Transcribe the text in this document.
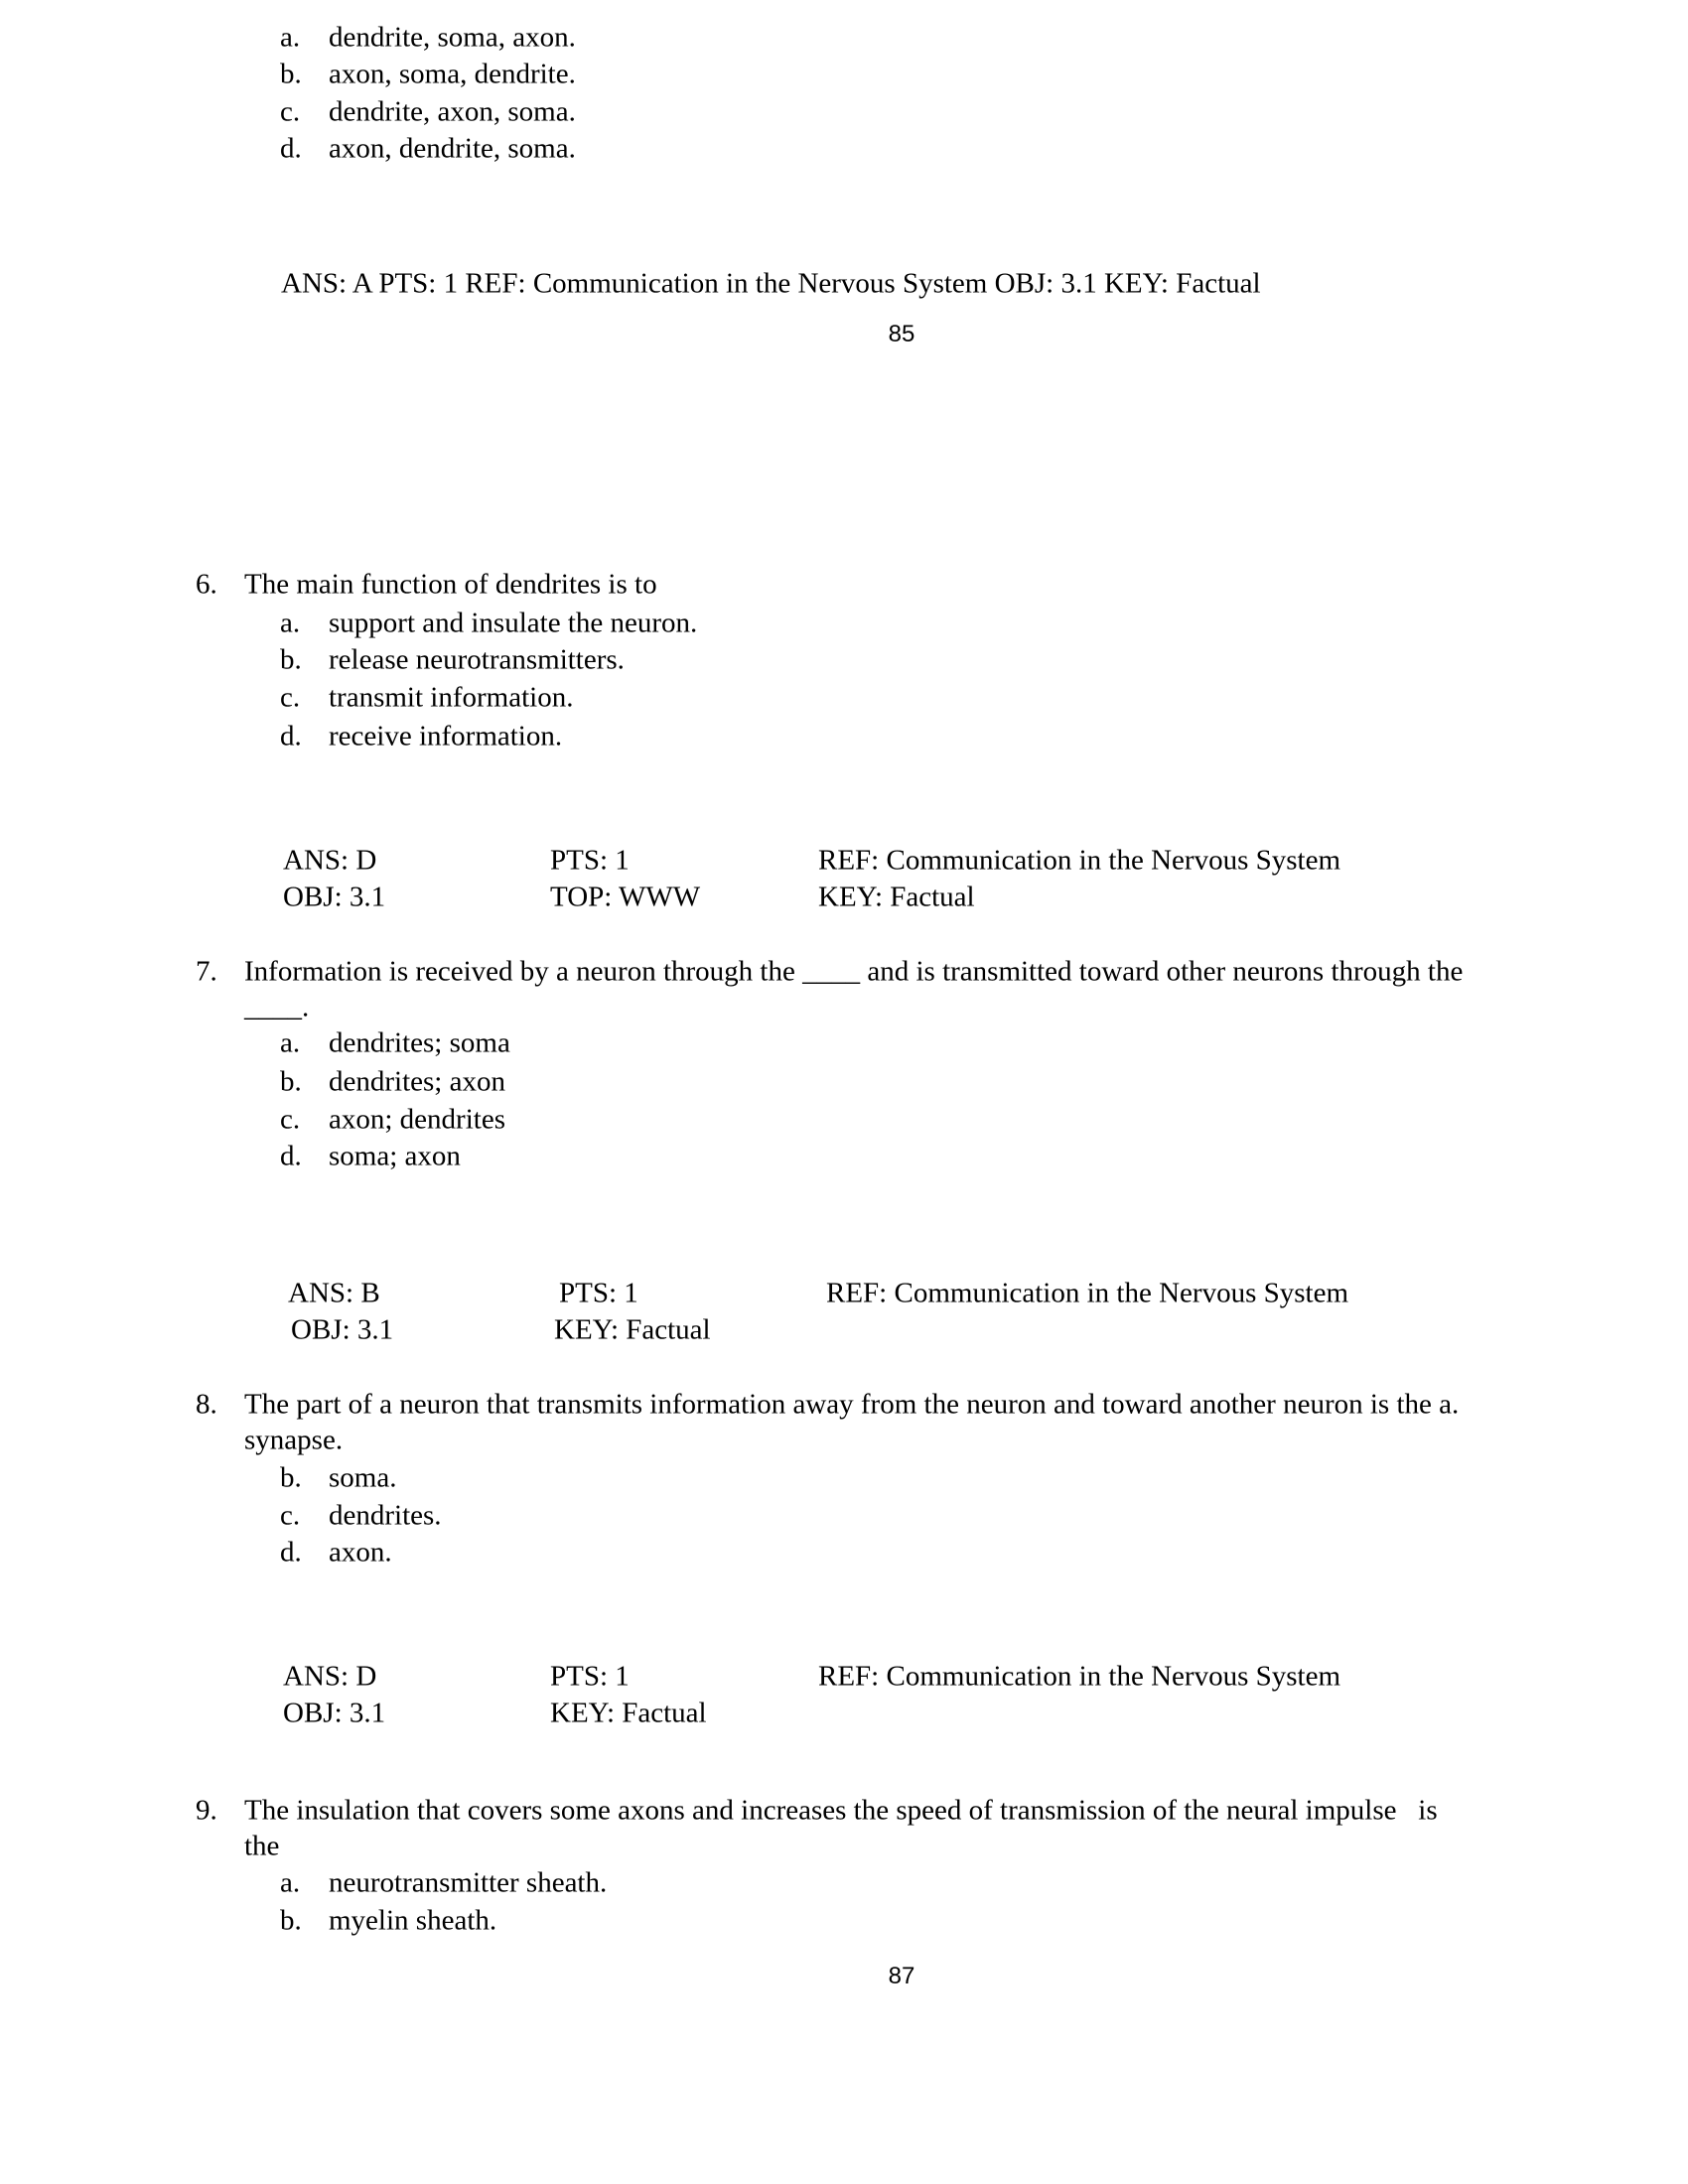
a. dendrite, soma, axon.
b. axon, soma, dendrite.
c. dendrite, axon, soma.
d. axon, dendrite, soma.
ANS: A PTS: 1 REF: Communication in the Nervous System OBJ: 3.1 KEY: Factual
85
6. The main function of dendrites is to
a. support and insulate the neuron.
b. release neurotransmitters.
c. transmit information.
d. receive information.
ANS: D	PTS: 1	REF: Communication in the Nervous System
OBJ: 3.1	TOP: WWW	KEY: Factual
7. Information is received by a neuron through the ____ and is transmitted toward other neurons through the
____.
a. dendrites; soma
b. dendrites; axon
c. axon; dendrites
d. soma; axon
ANS: B	PTS: 1	REF: Communication in the Nervous System
OBJ: 3.1	KEY: Factual
8. The part of a neuron that transmits information away from the neuron and toward another neuron is the a.
synapse.
b. soma.
c. dendrites.
d. axon.
ANS: D	PTS: 1	REF: Communication in the Nervous System
OBJ: 3.1	KEY: Factual
9. The insulation that covers some axons and increases the speed of transmission of the neural impulse   is
the
a. neurotransmitter sheath.
b. myelin sheath.
87
